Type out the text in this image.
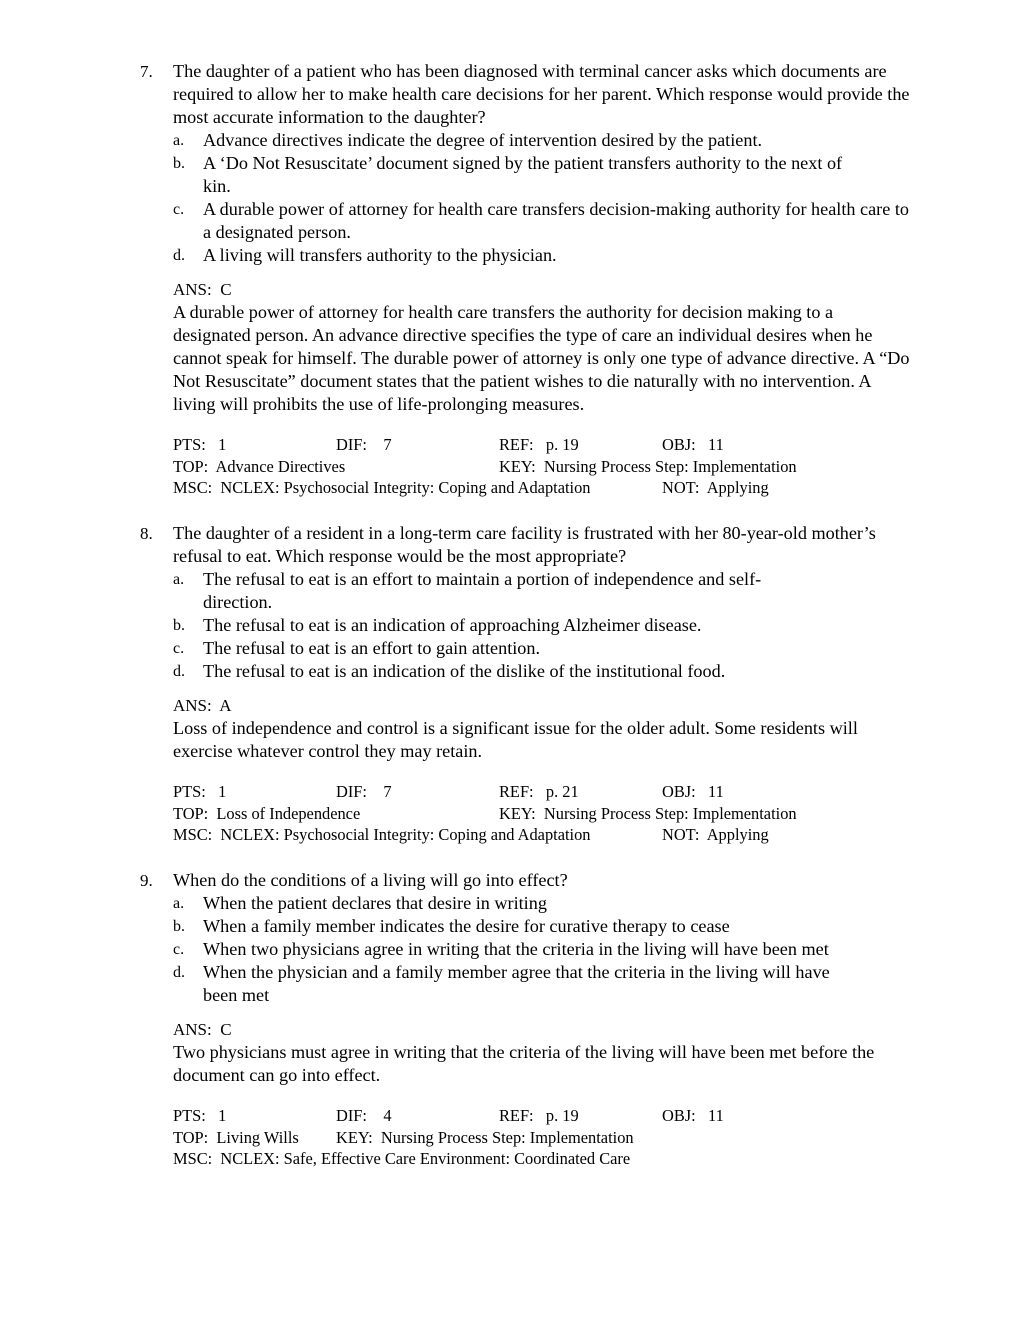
7. The daughter of a patient who has been diagnosed with terminal cancer asks which documents are required to allow her to make health care decisions for her parent. Which response would provide the most accurate information to the daughter?
a. Advance directives indicate the degree of intervention desired by the patient.
b. A ‘Do Not Resuscitate’ document signed by the patient transfers authority to the next of kin.
c. A durable power of attorney for health care transfers decision-making authority for health care to a designated person.
d. A living will transfers authority to the physician.
ANS:  C
A durable power of attorney for health care transfers the authority for decision making to a designated person. An advance directive specifies the type of care an individual desires when he cannot speak for himself. The durable power of attorney is only one type of advance directive. A “Do Not Resuscitate” document states that the patient wishes to die naturally with no intervention. A living will prohibits the use of life-prolonging measures.
PTS:   1	DIF:    7	REF:   p. 19	OBJ:   11
TOP:  Advance Directives	KEY:  Nursing Process Step: Implementation
MSC:  NCLEX: Psychosocial Integrity: Coping and Adaptation	NOT:  Applying
8. The daughter of a resident in a long-term care facility is frustrated with her 80-year-old mother’s refusal to eat. Which response would be the most appropriate?
a. The refusal to eat is an effort to maintain a portion of independence and self-direction.
b. The refusal to eat is an indication of approaching Alzheimer disease.
c. The refusal to eat is an effort to gain attention.
d. The refusal to eat is an indication of the dislike of the institutional food.
ANS:  A
Loss of independence and control is a significant issue for the older adult. Some residents will exercise whatever control they may retain.
PTS:   1	DIF:    7	REF:   p. 21	OBJ:   11
TOP:  Loss of Independence	KEY:  Nursing Process Step: Implementation
MSC:  NCLEX: Psychosocial Integrity: Coping and Adaptation	NOT:  Applying
9. When do the conditions of a living will go into effect?
a. When the patient declares that desire in writing
b. When a family member indicates the desire for curative therapy to cease
c. When two physicians agree in writing that the criteria in the living will have been met
d. When the physician and a family member agree that the criteria in the living will have been met
ANS:  C
Two physicians must agree in writing that the criteria of the living will have been met before the document can go into effect.
PTS:   1	DIF:    4	REF:   p. 19	OBJ:   11
TOP:  Living Wills KEY:  Nursing Process Step: Implementation
MSC:  NCLEX: Safe, Effective Care Environment: Coordinated Care
